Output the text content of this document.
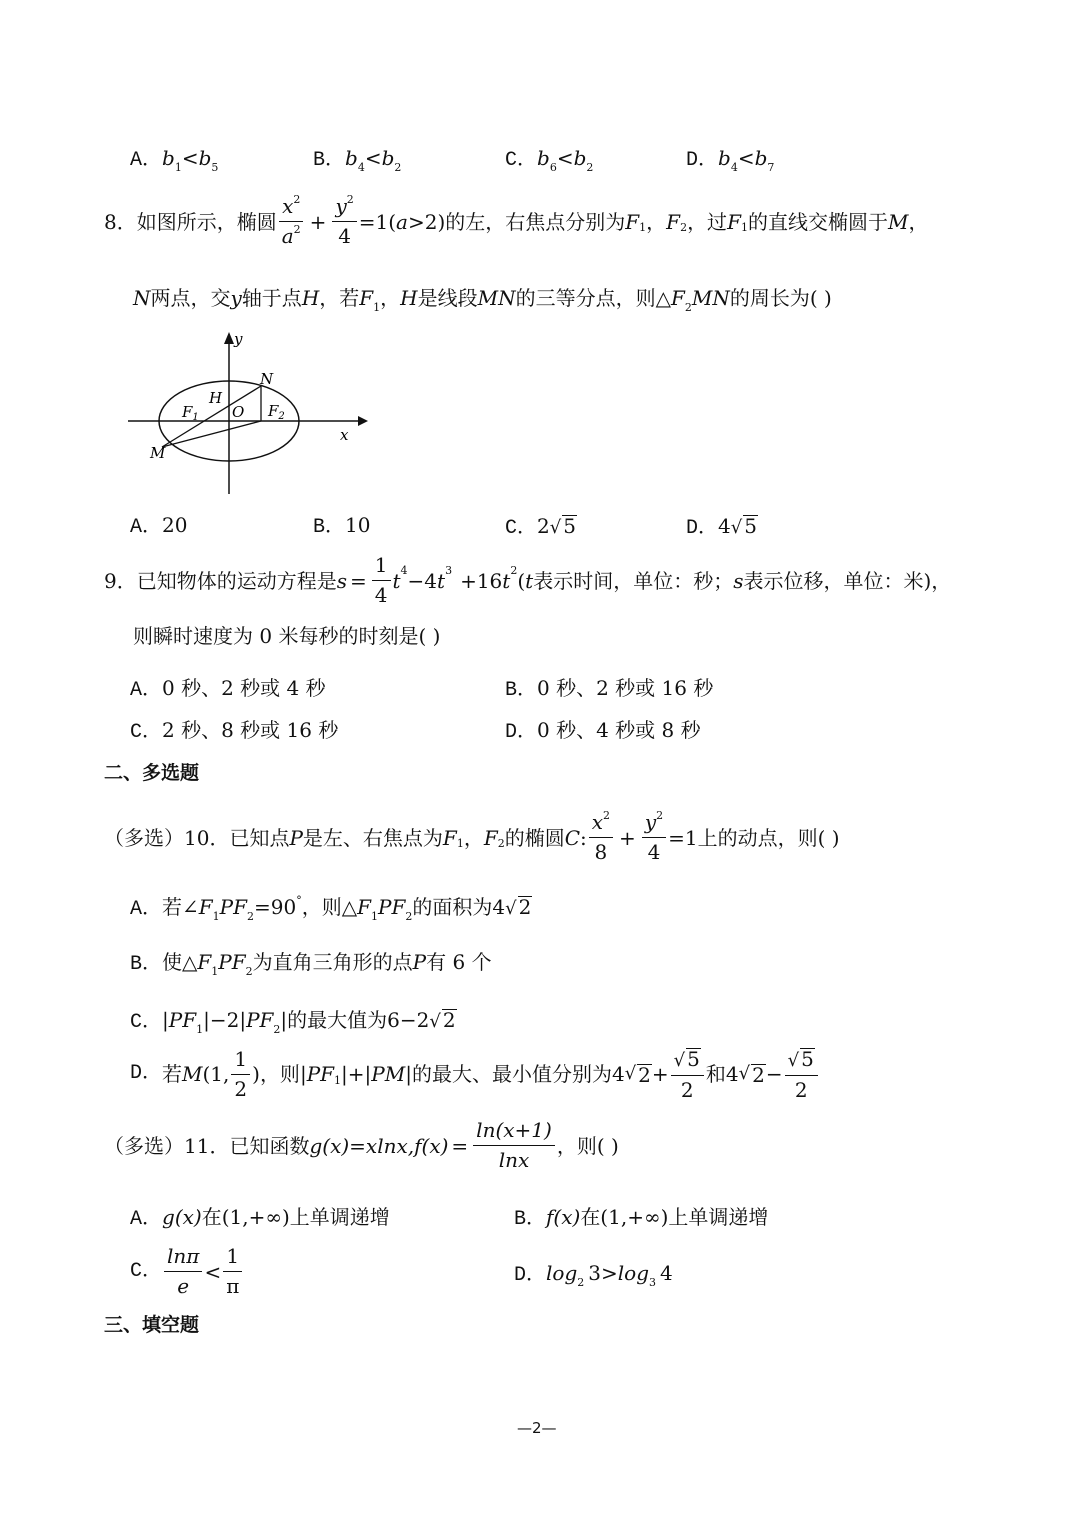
A．$b_1<b_5$	B．$b_4<b_2$	C．$b_6<b_2$	D．$b_4<b_7$
8． 如图所示，椭圆 $\frac{x^2}{a^2} + \frac{y^2}{4} =1$( a >2) 的左，右焦点分别为 F 1 ， F 2 ，过 F 1 的直线交椭圆于 M ，
N两点，交y轴于点H，若$F_1$，H是线段MN的三等分点，则$\triangle F_2MN$的周长为( )
y
x
N
H
$F_1$ O $F_2$
M
A．20	B．10	C．2√ 5	D．4√ 5
9． 已知物体的运动方程是 $s = \frac{1}{4}$ t 4 −4 t 3 +16 t 2 ( t 表示时间，单位：秒； s 表示位移，单位：米)，
则瞬时速度为 0 米每秒的时刻是( )
A．0 秒、2 秒或 4 秒	B．0 秒、2 秒或 16 秒
C．2 秒、8 秒或 16 秒	D．0 秒、4 秒或 8 秒
二、多选题
（多选）10．已知点 P 是左、右焦点为 F 1 ， F 2 的椭圆 C : $\frac{x^2}{8} + \frac{y^2}{4} =1$ 上的动点，则( )
A．若$\angle F_1PF_2=90^\circ$，则$\triangle F_1PF_2$的面积为4√ 2
B．使$\triangle F_1PF_2$为直角三角形的点P有 6 个
C．$|PF_1|-2|PF_2|$的最大值为6−2√ 2
D． 若 M (1, $\frac{1}{2}$ ) ，则 | PF 1 |+| PM | 的最大、最小值分别为 4 √ $2 + \frac{√ 5}{2}$ 和 4 √ $2 - \frac{√ 5}{2}$
（多选）11．已知函数 g (x) =xlnx, f $(x) = \frac{\ln(x+1)}{\ln x}$ ，则( )
A．g(x)在(1,+∞)上单调递增	B．f(x)在(1,+∞)上单调递增
C． $\frac{\ln\pi}{e} < \frac{1}{\pi}$	D．$\log_2 3>\log_3$ 4
三、填空题
—2—
